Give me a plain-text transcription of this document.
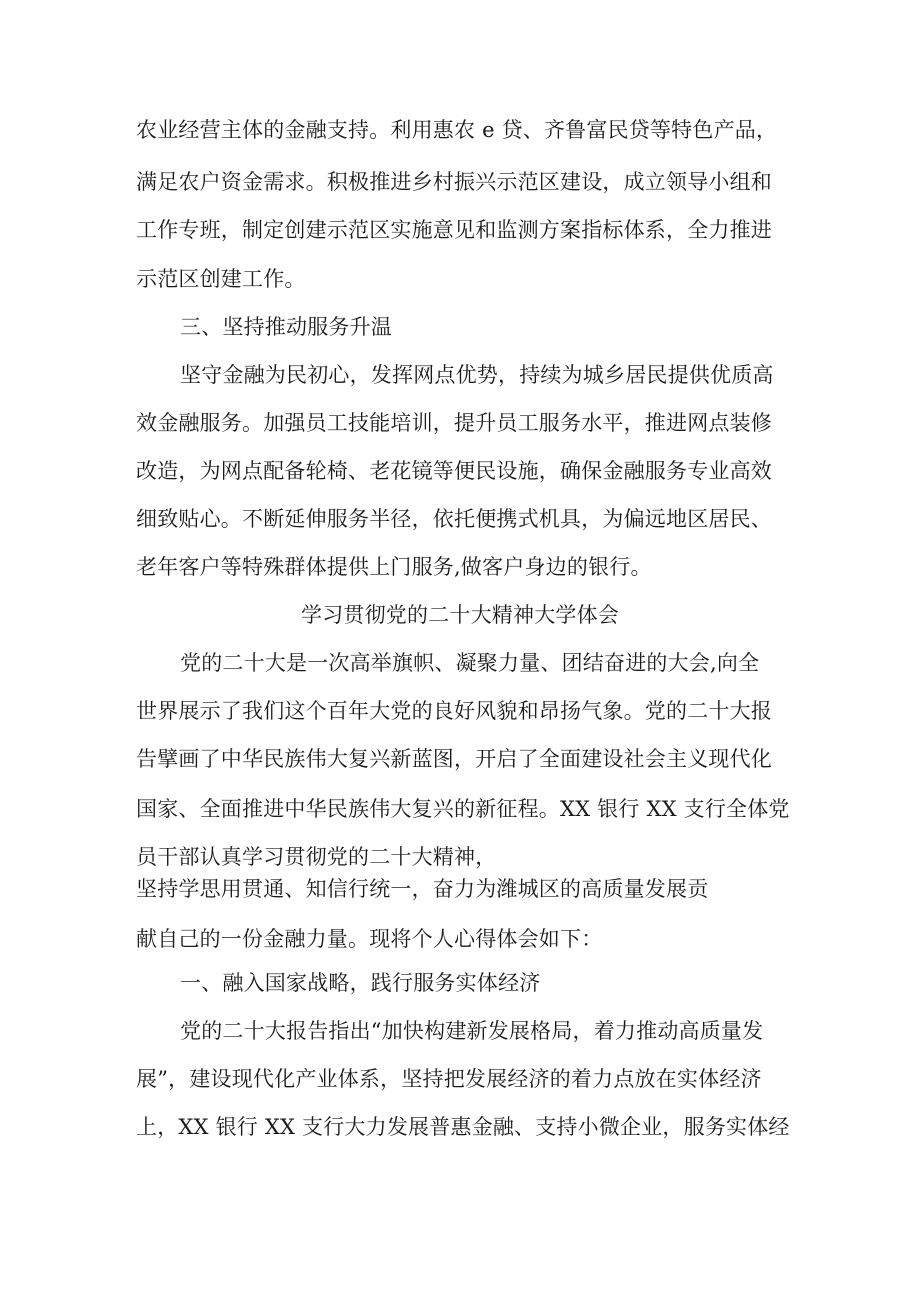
农业经营主体的金融支持。利用惠农 e 贷、齐鲁富民贷等特色产品，
满足农户资金需求。积极推进乡村振兴示范区建设，成立领导小组和
工作专班，制定创建示范区实施意见和监测方案指标体系，全力推进
示范区创建工作。
三、坚持推动服务升温
坚守金融为民初心，发挥网点优势，持续为城乡居民提供优质高
效金融服务。加强员工技能培训，提升员工服务水平，推进网点装修
改造，为网点配备轮椅、老花镜等便民设施，确保金融服务专业高效
细致贴心。不断延伸服务半径，依托便携式机具，为偏远地区居民、
老年客户等特殊群体提供上门服务,做客户身边的银行。
学习贯彻党的二十大精神大学体会
党的二十大是一次高举旗帜、凝聚力量、团结奋进的大会,向全
世界展示了我们这个百年大党的良好风貌和昂扬气象。党的二十大报
告擘画了中华民族伟大复兴新蓝图，开启了全面建设社会主义现代化
国家、全面推进中华民族伟大复兴的新征程。XX 银行 XX 支行全体党
员干部认真学习贯彻党的二十大精神，
坚持学思用贯通、知信行统一，奋力为潍城区的高质量发展贡
献自己的一份金融力量。现将个人心得体会如下：
一、融入国家战略，践行服务实体经济
党的二十大报告指出“加快构建新发展格局，着力推动高质量发
展”，建设现代化产业体系，坚持把发展经济的着力点放在实体经济
上，XX 银行 XX 支行大力发展普惠金融、支持小微企业，服务实体经
